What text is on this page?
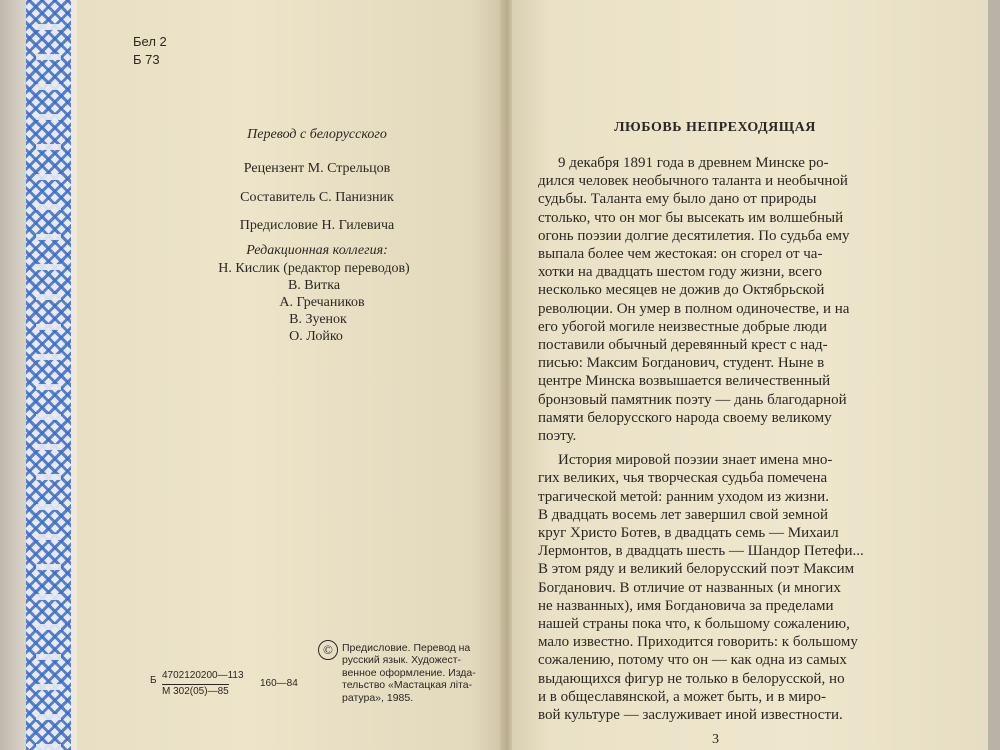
Бел 2
Б 73
Перевод с белорусского
Рецензент М. Стрельцов
Составитель С. Панизник
Предисловие Н. Гилевича
Редакционная коллегия:
Н. Кислик (редактор переводов)
В. Витка
А. Гречаников
В. Зуенок
О. Лойко
Б 4702120200—113
М 302(05)—85
160—84
© Предисловие. Перевод на
русский язык. Художест-
венное оформление. Изда-
тельство «Мастацкая літа-
ратура», 1985.
ЛЮБОВЬ НЕПРЕХОДЯЩАЯ
3
9 декабря 1891 года в древнем Минске ро-
дился человек необычного таланта и необычной
судьбы. Таланта ему было дано от природы
столько, что он мог бы высекать им волшебный
огонь поэзии долгие десятилетия. По судьба ему
выпала более чем жестокая: он сгорел от ча-
хотки на двадцать шестом году жизни, всего
несколько месяцев не дожив до Октябрьской
революции. Он умер в полном одиночестве, и на
его убогой могиле неизвестные добрые люди
поставили обычный деревянный крест с над-
писью: Максим Богданович, студент. Ныне в
центре Минска возвышается величественный
бронзовый памятник поэту — дань благодарной
памяти белорусского народа своему великому
поэту.
История мировой поэзии знает имена мно-
гих великих, чья творческая судьба помечена
трагической метой: ранним уходом из жизни.
В двадцать восемь лет завершил свой земной
круг Христо Ботев, в двадцать семь — Михаил
Лермонтов, в двадцать шесть — Шандор Петефи...
В этом ряду и великий белорусский поэт Максим
Богданович. В отличие от названных (и многих
не названных), имя Богдановича за пределами
нашей страны пока что, к большому сожалению,
мало известно. Приходится говорить: к большому
сожалению, потому что он — как одна из самых
выдающихся фигур не только в белорусской, но
и в общеславянской, а может быть, и в миро-
вой культуре — заслуживает иной известности.
